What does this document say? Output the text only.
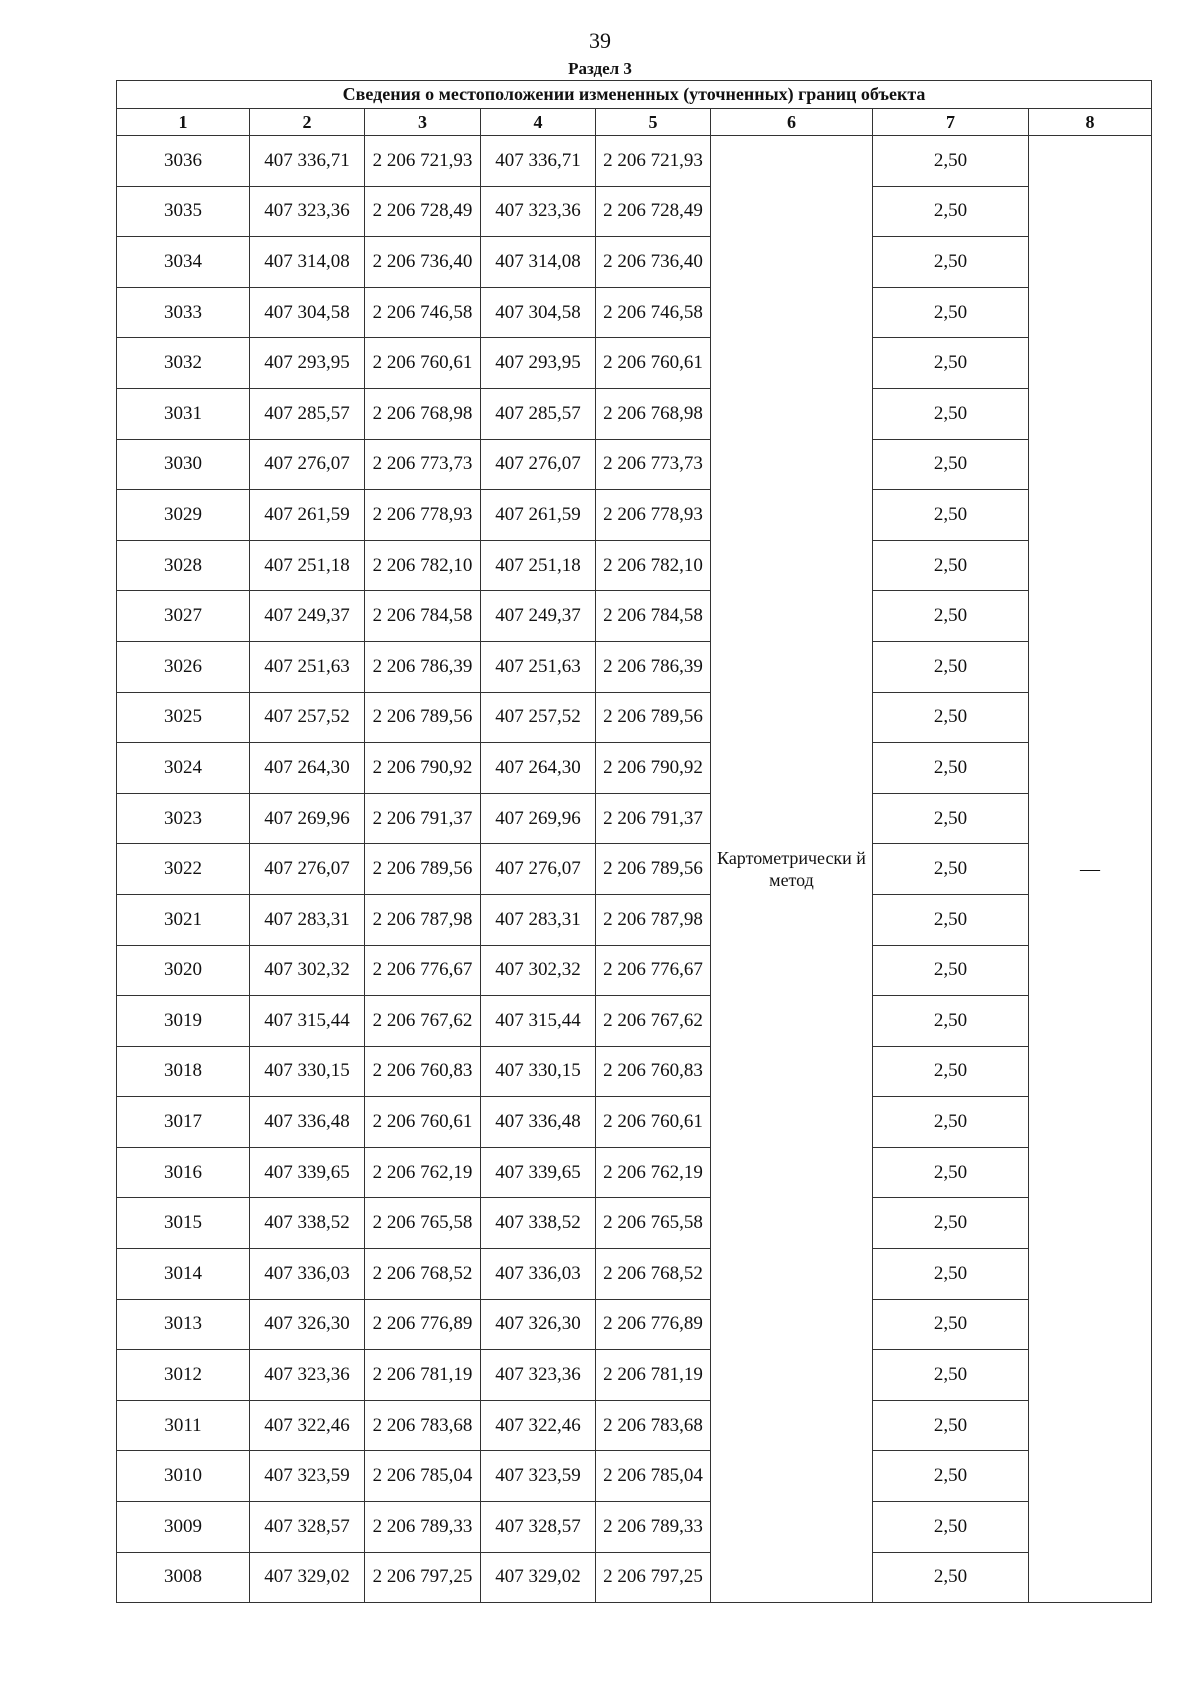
39
Раздел 3
Сведения о местоположении измененных (уточненных) границ объекта							
1	2	3	4	5	6	7	8
3036	407 336,71	2 206 721,93	407 336,71	2 206 721,93	Картометрически й метод	2,50	—
3035	407 323,36	2 206 728,49	407 323,36	2 206 728,49		2,50	
3034	407 314,08	2 206 736,40	407 314,08	2 206 736,40		2,50	
3033	407 304,58	2 206 746,58	407 304,58	2 206 746,58		2,50	
3032	407 293,95	2 206 760,61	407 293,95	2 206 760,61		2,50	
3031	407 285,57	2 206 768,98	407 285,57	2 206 768,98		2,50	
3030	407 276,07	2 206 773,73	407 276,07	2 206 773,73		2,50	
3029	407 261,59	2 206 778,93	407 261,59	2 206 778,93		2,50	
3028	407 251,18	2 206 782,10	407 251,18	2 206 782,10		2,50	
3027	407 249,37	2 206 784,58	407 249,37	2 206 784,58		2,50	
3026	407 251,63	2 206 786,39	407 251,63	2 206 786,39		2,50	
3025	407 257,52	2 206 789,56	407 257,52	2 206 789,56		2,50	
3024	407 264,30	2 206 790,92	407 264,30	2 206 790,92		2,50	
3023	407 269,96	2 206 791,37	407 269,96	2 206 791,37		2,50	
3022	407 276,07	2 206 789,56	407 276,07	2 206 789,56		2,50	
3021	407 283,31	2 206 787,98	407 283,31	2 206 787,98		2,50	
3020	407 302,32	2 206 776,67	407 302,32	2 206 776,67		2,50	
3019	407 315,44	2 206 767,62	407 315,44	2 206 767,62		2,50	
3018	407 330,15	2 206 760,83	407 330,15	2 206 760,83		2,50	
3017	407 336,48	2 206 760,61	407 336,48	2 206 760,61		2,50	
3016	407 339,65	2 206 762,19	407 339,65	2 206 762,19		2,50	
3015	407 338,52	2 206 765,58	407 338,52	2 206 765,58		2,50	
3014	407 336,03	2 206 768,52	407 336,03	2 206 768,52		2,50	
3013	407 326,30	2 206 776,89	407 326,30	2 206 776,89		2,50	
3012	407 323,36	2 206 781,19	407 323,36	2 206 781,19		2,50	
3011	407 322,46	2 206 783,68	407 322,46	2 206 783,68		2,50	
3010	407 323,59	2 206 785,04	407 323,59	2 206 785,04		2,50	
3009	407 328,57	2 206 789,33	407 328,57	2 206 789,33		2,50	
3008	407 329,02	2 206 797,25	407 329,02	2 206 797,25		2,50	
